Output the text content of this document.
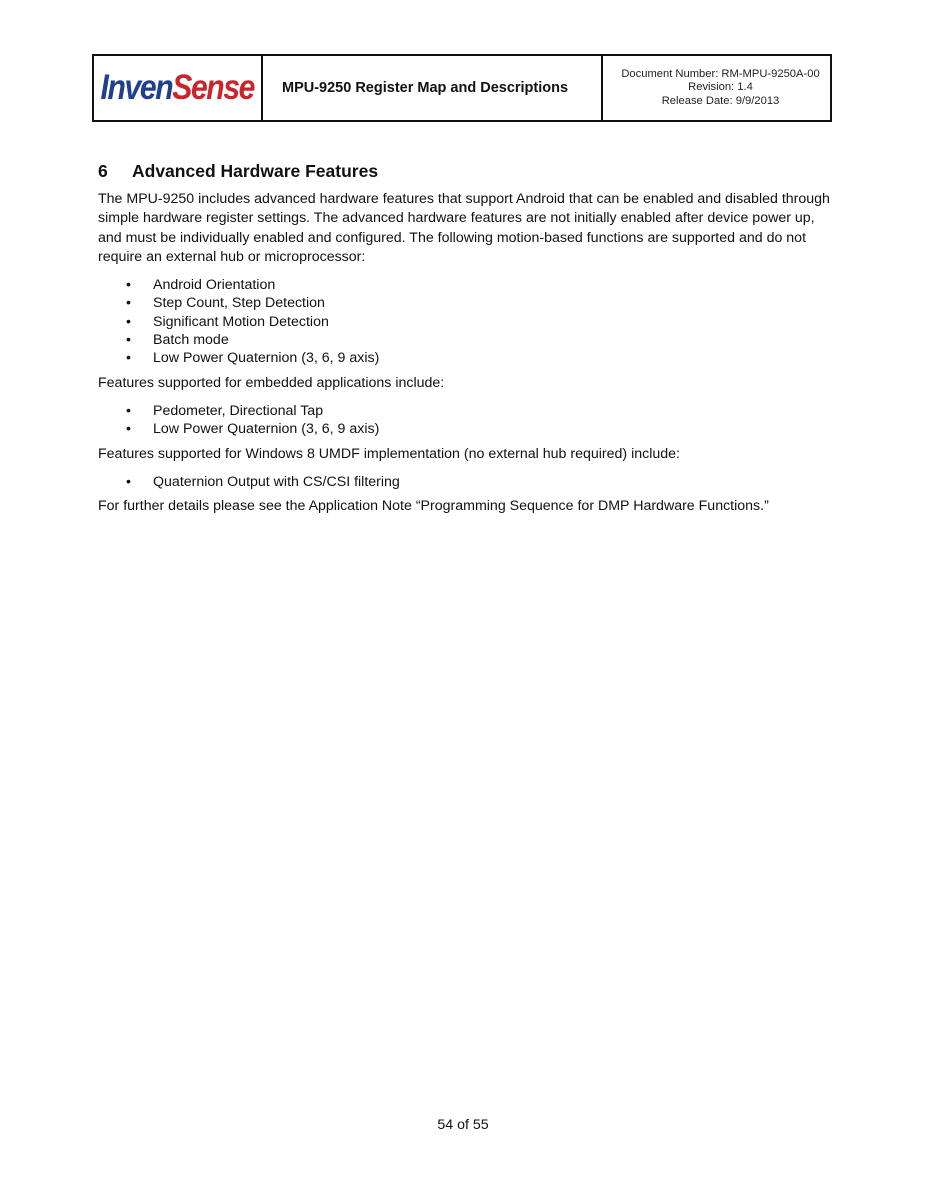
InvenSense MPU-9250 Register Map and Descriptions
Document Number: RM-MPU-9250A-00
Revision: 1.4
Release Date: 9/9/2013
6 Advanced Hardware Features

The MPU-9250 includes advanced hardware features that support Android that can be enabled and disabled through simple hardware register settings. The advanced hardware features are not initially enabled after device power up, and must be individually enabled and configured. The following motion-based functions are supported and do not require an external hub or microprocessor:

• Android Orientation
• Step Count, Step Detection
• Significant Motion Detection
• Batch mode
• Low Power Quaternion (3, 6, 9 axis)

Features supported for embedded applications include:

• Pedometer, Directional Tap
• Low Power Quaternion (3, 6, 9 axis)

Features supported for Windows 8 UMDF implementation (no external hub required) include:

• Quaternion Output with CS/CSI filtering

For further details please see the Application Note “Programming Sequence for DMP Hardware Functions.”

54 of 55
